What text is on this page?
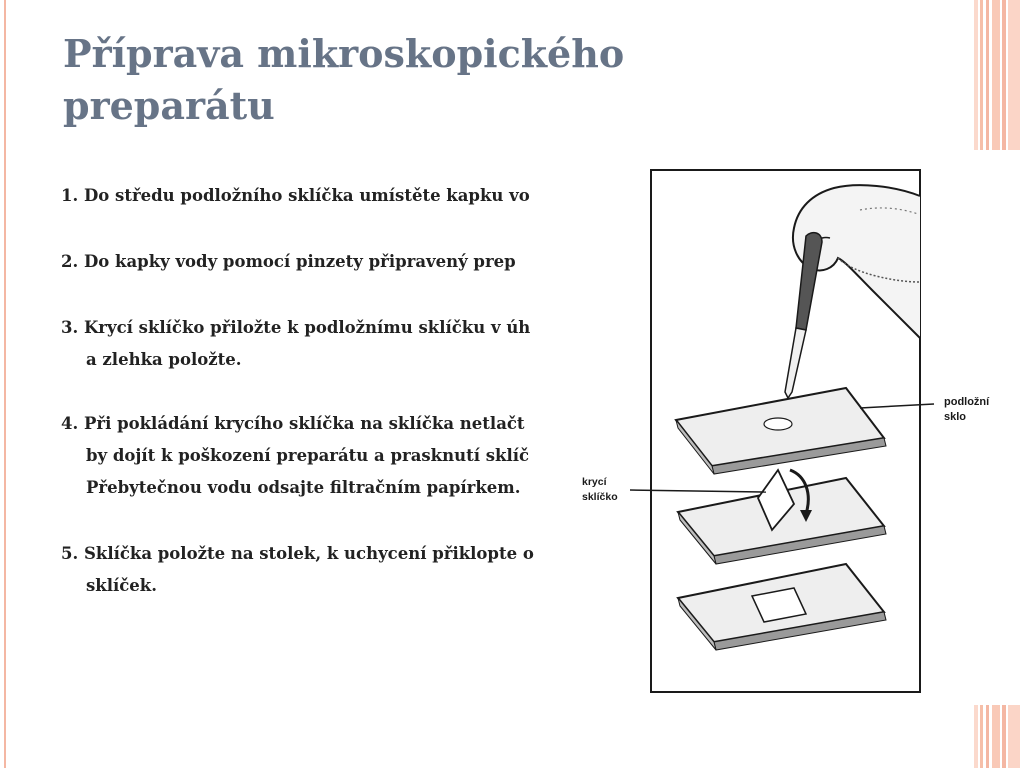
Příprava mikroskopického
preparátu
1. Do středu podložního sklíčka umístěte kapku vo
2. Do kapky vody pomocí pinzety připravený prep
3. Krycí sklíčko přiložte k podložnímu sklíčku v úh
a zlehka položte.
4. Při pokládání krycího sklíčka na sklíčka netlačt
by dojít k poškození preparátu a prasknutí sklíč
Přebytečnou vodu odsajte filtračním papírkem.
5. Sklíčka položte na stolek, k uchycení přiklopte o
sklíček.
podložní
sklo
krycí
sklíčko
